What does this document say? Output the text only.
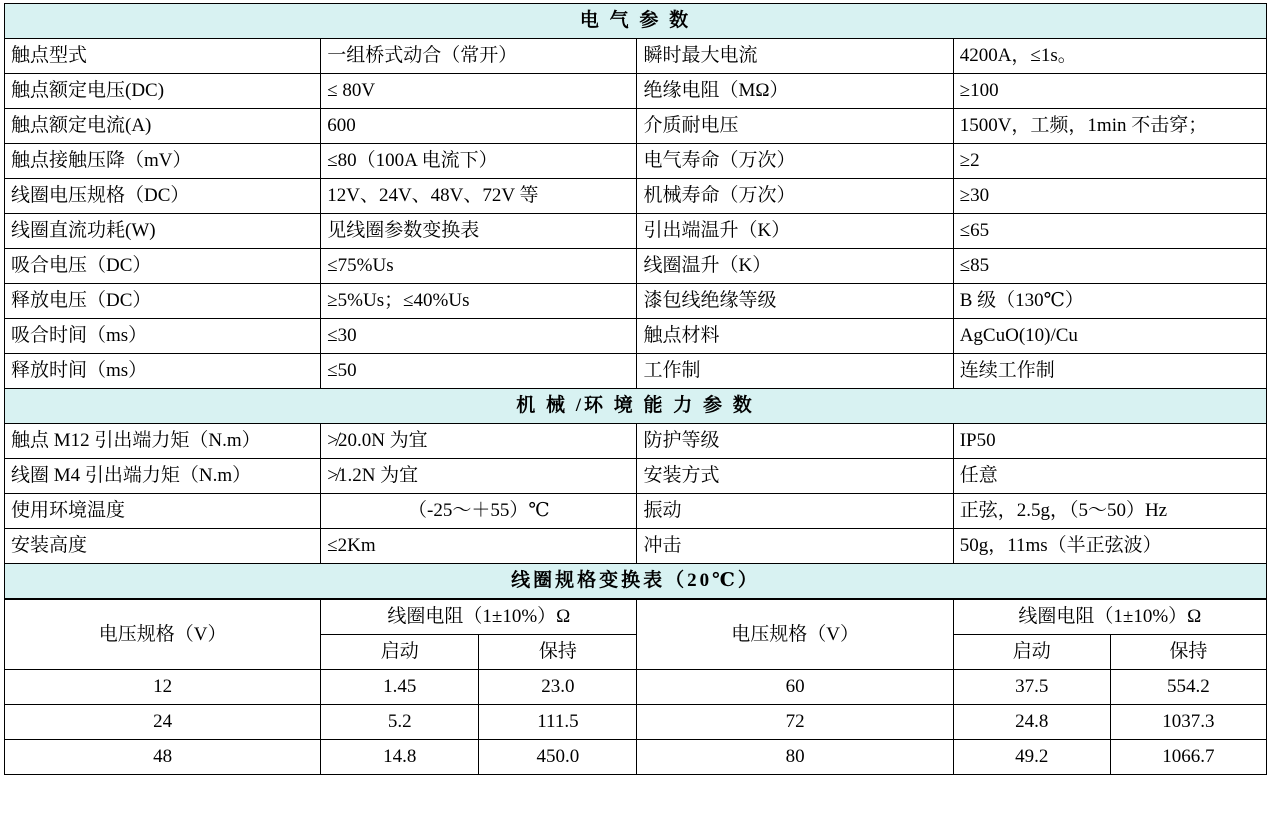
电 气 参 数			
触点型式	一组桥式动合（常开）	瞬时最大电流	4200A，≤1s。
触点额定电压(DC)	≤ 80V	绝缘电阻（MΩ）	≥100
触点额定电流(A)	600	介质耐电压	1500V，工频，1min 不击穿；
触点接触压降（mV）	≤80（100A 电流下）	电气寿命（万次）	≥2
线圈电压规格（DC）	12V、24V、48V、72V 等	机械寿命（万次）	≥30
线圈直流功耗(W)	见线圈参数变换表	引出端温升（K）	≤65
吸合电压（DC）	≤75%Us	线圈温升（K）	≤85
释放电压（DC）	≥5%Us；≤40%Us	漆包线绝缘等级	B 级（130℃）
吸合时间（ms）	≤30	触点材料	AgCuO(10)/Cu
释放时间（ms）	≤50	工作制	连续工作制
机 械 /环 境 能 力 参 数			
触点 M12 引出端力矩（N.m）	≯20.0N 为宜	防护等级	IP50
线圈 M4 引出端力矩（N.m）	≯1.2N 为宜	安装方式	任意
使用环境温度	（-25～＋55）℃	振动	正弦，2.5g，（5～50）Hz
安装高度	≤2Km	冲击	50g，11ms（半正弦波）
线圈规格变换表（20℃）			
电压规格（V）	线圈电阻（1±10%）Ω		电压规格（V）	线圈电阻（1±10%）Ω	
	启动	保持		启动	保持
12	1.45	23.0	60	37.5	554.2
24	5.2	111.5	72	24.8	1037.3
48	14.8	450.0	80	49.2	1066.7
